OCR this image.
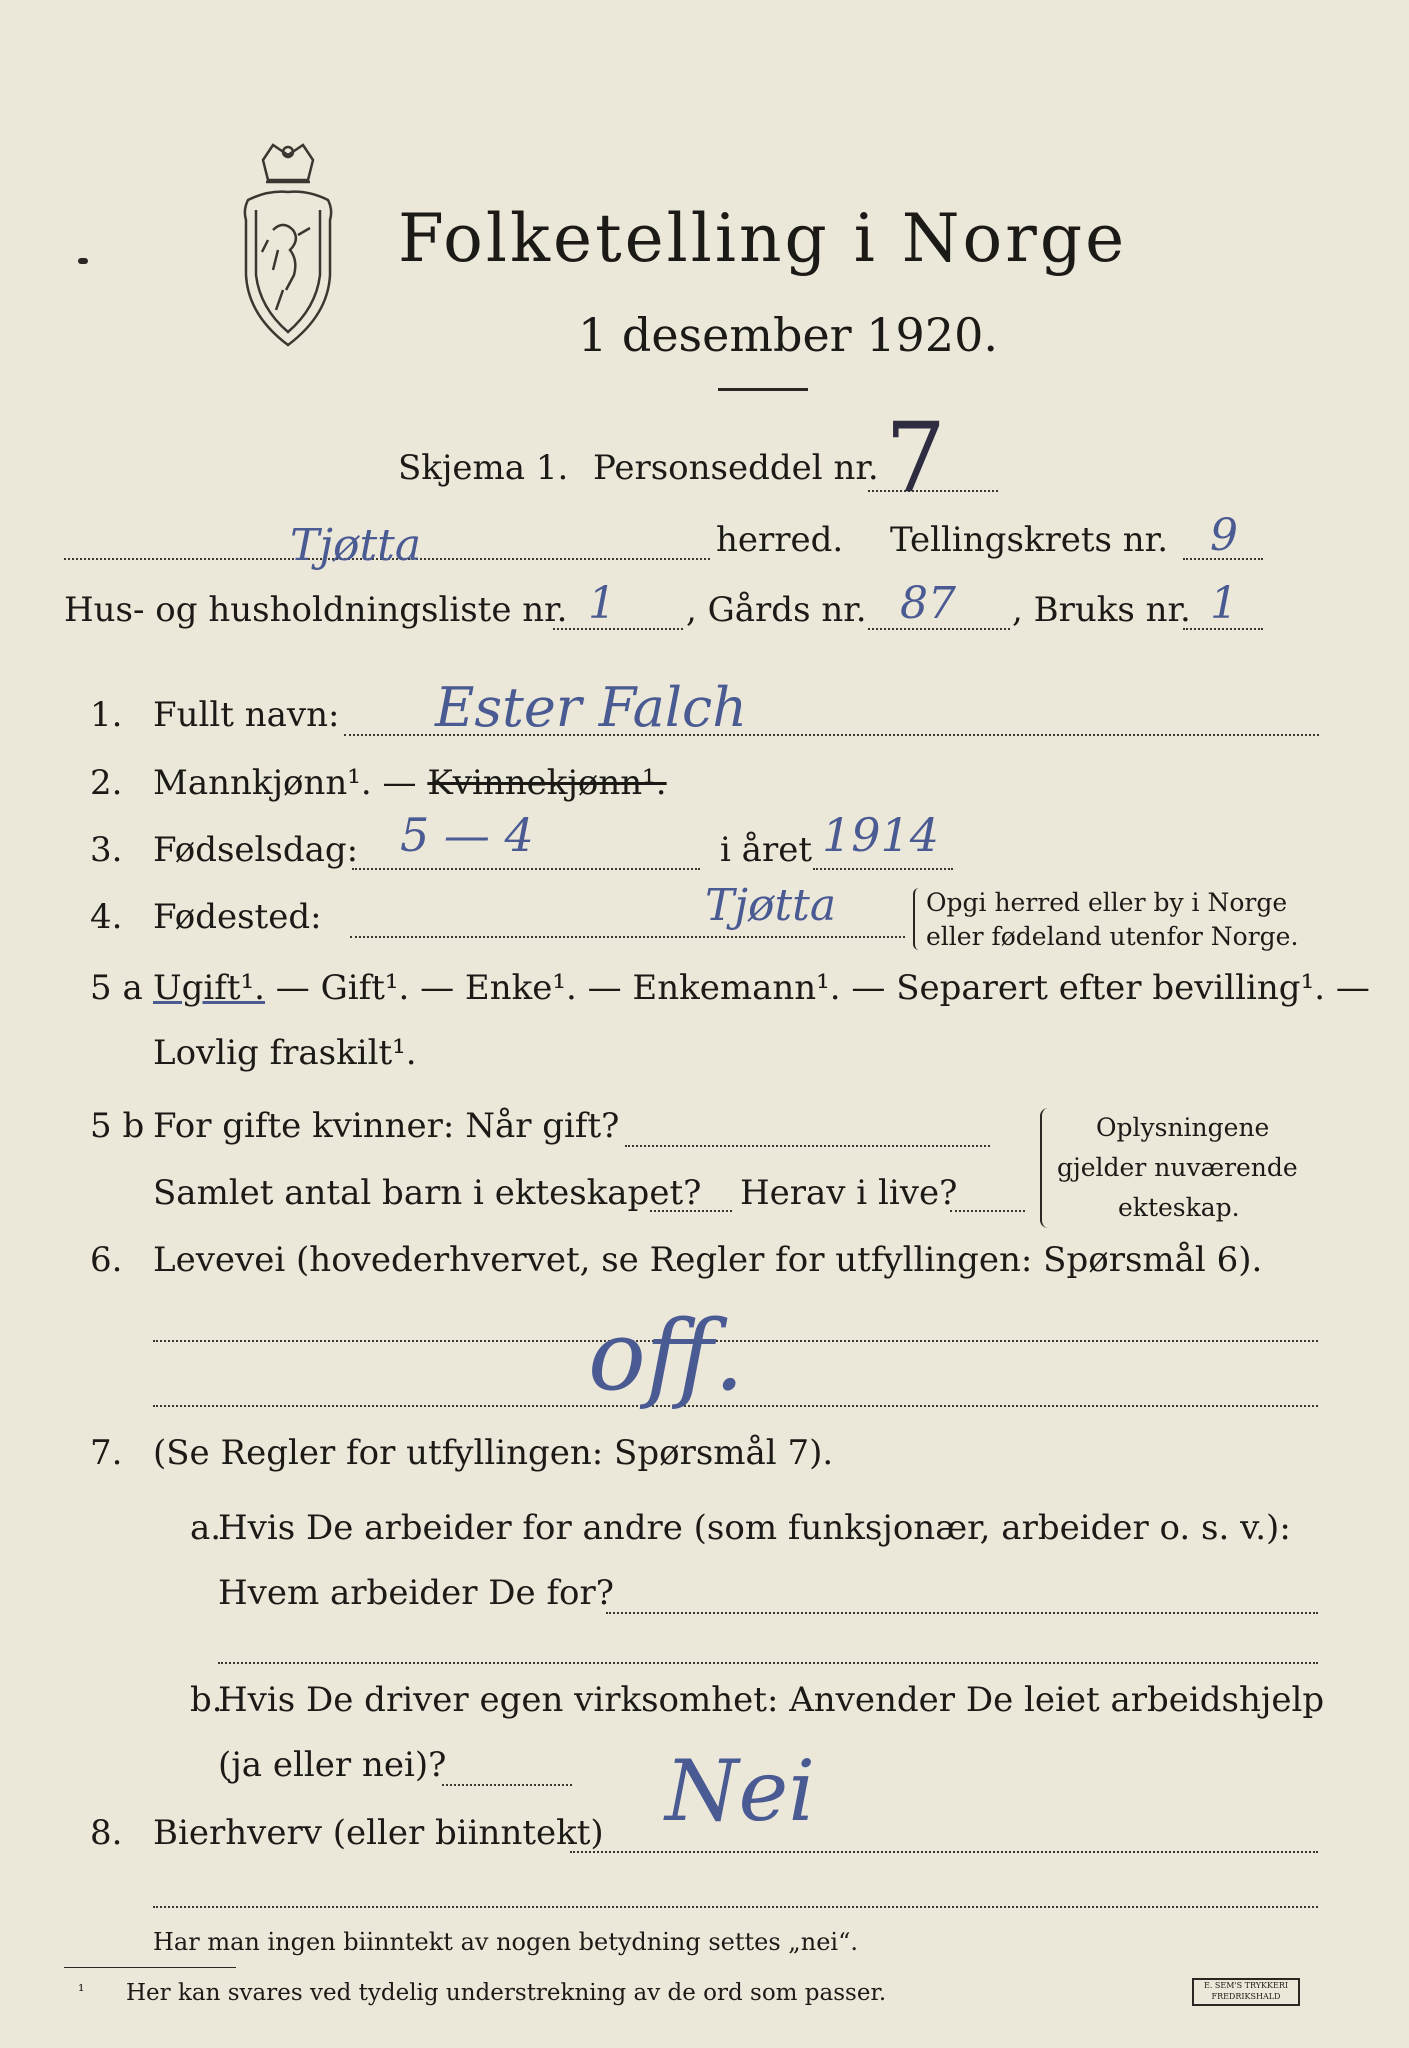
Folketelling i Norge
1 desember 1920.
Skjema 1. Personseddel nr. 7
Tjøtta	herred. Tellingskrets nr. 9
Hus- og husholdningsliste nr. 1 , Gårds nr. 87 , Bruks nr. 1
1. Fullt navn: Ester Falch
2. Mannkjønn¹. — Kvinnekjønn¹.
3. Fødselsdag: 5 — 4	i året 1914
4. Fødested:	Tjøtta	Opgi herred eller by i Norge
eller fødeland utenfor Norge.
5 a Ugift¹. — Gift¹. — Enke¹. — Enkemann¹. — Separert efter bevilling¹. —
Lovlig fraskilt¹.
5 b For gifte kvinner: Når gift?
Samlet antal barn i ekteskapet? Herav i live?
Oplysningene
gjelder nuværende
ekteskap.
6. Levevei (hovederhvervet, se Regler for utfyllingen: Spørsmål 6).
off.
7. (Se Regler for utfyllingen: Spørsmål 7).
a.
Hvis De arbeider for andre (som funksjonær, arbeider o. s. v.):
Hvem arbeider De for?
b.
Hvis De driver egen virksomhet: Anvender De leiet arbeidshjelp
(ja eller nei)?
8. Bierhverv (eller biinntekt) Nei
Har man ingen biinntekt av nogen betydning settes „nei“.
¹ Her kan svares ved tydelig understrekning av de ord som passer.	E. SEM'S TRYKKERI
FREDRIKSHALD
